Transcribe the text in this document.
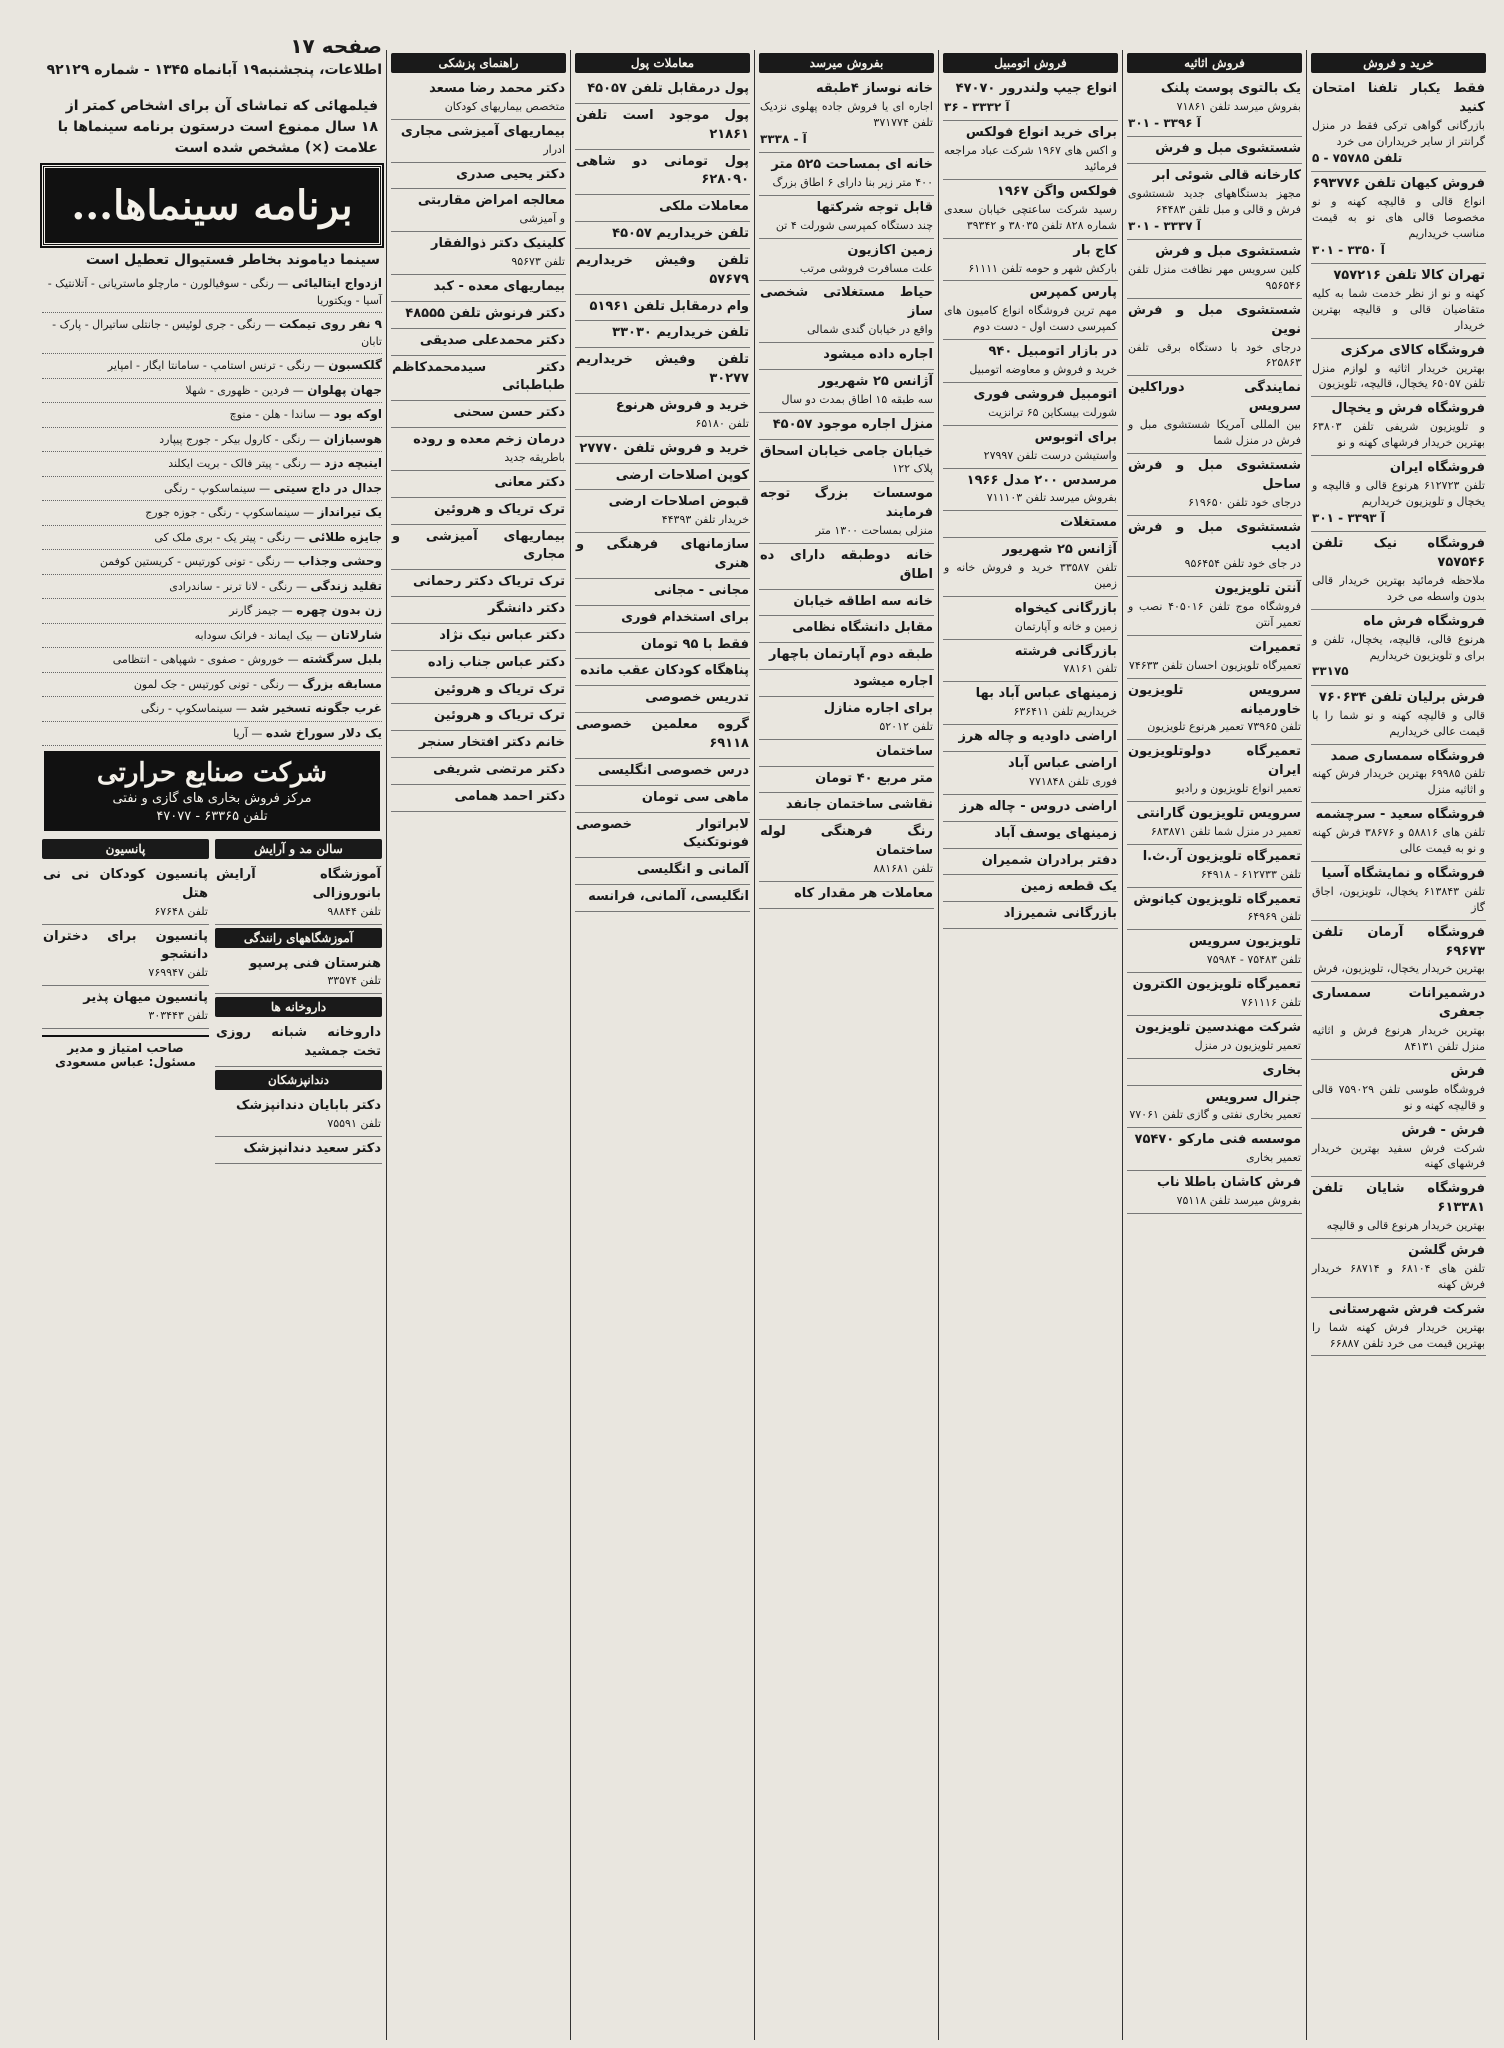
خرید و فروش
فقط یکبار تلفنا امتحان کنید
بازرگانی گواهی ترکی فقط در منزل گرانتر از سایر خریداران می خرد
تلفن ۷۵۷۸۵ - ۵
فروش کیهان تلفن ۶۹۳۷۷۶
انواع قالی و قالیچه کهنه و نو مخصوصا قالی های نو به قیمت مناسب خریداریم
۳۰۱ - آ ۳۳۵۰
تهران کالا تلفن ۷۵۷۲۱۶
کهنه و نو از نظر خدمت شما به کلیه متقاضیان قالی و قالیچه بهترین خریدار
فروشگاه کالای مرکزی
بهترین خریدار اثاثیه و لوازم منزل تلفن ۶۵۰۵۷ یخچال، قالیچه، تلویزیون
فروشگاه فرش و یخچال
و تلویزیون شریفی تلفن ۶۳۸۰۳ بهترین خریدار فرشهای کهنه و نو
فروشگاه ایران
تلفن ۶۱۲۷۲۳ هرنوع قالی و قالیچه و یخچال و تلویزیون خریداریم
۳۰۱ - آ ۳۳۹۳
فروشگاه نیک تلفن ۷۵۷۵۴۶
ملاحظه فرمائید بهترین خریدار قالی بدون واسطه می خرد
فروشگاه فرش ماه
هرنوع قالی، قالیچه، یخچال، تلفن و برای و تلویزیون خریداریم
۳۳۱۷۵
فرش برلیان تلفن ۷۶۰۶۳۴
قالی و قالیچه کهنه و نو شما را با قیمت عالی خریداریم
فروشگاه سمساری صمد
تلفن ۶۹۹۸۵ بهترین خریدار فرش کهنه و اثاثیه منزل
فروشگاه سعید - سرچشمه
تلفن های ۵۸۸۱۶ و ۳۸۶۷۶ فرش کهنه و نو به قیمت عالی
فروشگاه و نمایشگاه آسیا
تلفن ۶۱۳۸۴۳ یخچال، تلویزیون، اجاق گاز
فروشگاه آرمان تلفن ۶۹۶۷۳
بهترین خریدار یخچال، تلویزیون، فرش
درشمیرانات سمساری جعفری
بهترین خریدار هرنوع فرش و اثاثیه منزل تلفن ۸۴۱۳۱
فرش
فروشگاه طوسی تلفن ۷۵۹۰۲۹ قالی و قالیچه کهنه و نو
فرش - فرش
شرکت فرش سفید بهترین خریدار فرشهای کهنه
فروشگاه شایان تلفن ۶۱۳۳۸۱
بهترین خریدار هرنوع قالی و قالیچه
فرش گلشن
تلفن های ۶۸۱۰۴ و ۶۸۷۱۴ خریدار فرش کهنه
شرکت فرش شهرستانی
بهترین خریدار فرش کهنه شما را بهترین قیمت می خرد تلفن ۶۶۸۸۷
فروش اثاثیه
یک بالتوی پوست پلنک
بفروش میرسد تلفن ۷۱۸۶۱
۳۰۱ - آ ۳۳۹۶
شستشوی مبل و فرش
کارخانه قالی شوئی ابر
مجهز بدستگاههای جدید شستشوی فرش و قالی و مبل تلفن ۶۴۴۸۳
۳۰۱ - آ ۳۳۳۷
شستشوی مبل و فرش
کلین سرویس مهر نظافت منزل تلفن ۹۵۶۵۴۶
شستشوی مبل و فرش نوین
درجای خود با دستگاه برقی تلفن ۶۲۵۸۶۳
نمایندگی دوراکلین سرویس
بین المللی آمریکا شستشوی مبل و فرش در منزل شما
شستشوی مبل و فرش ساحل
درجای خود تلفن ۶۱۹۶۵۰
شستشوی مبل و فرش ادیب
در جای خود تلفن ۹۵۶۴۵۴
آنتن تلویزیون
فروشگاه موج تلفن ۴۰۵۰۱۶ نصب و تعمیر آنتن
تعمیرات
تعمیرگاه تلویزیون احسان تلفن ۷۴۶۳۳
سرویس تلویزیون خاورمیانه
تلفن ۷۳۹۶۵ تعمیر هرنوع تلویزیون
تعمیرگاه دولوتلویزیون ایران
تعمیر انواع تلویزیون و رادیو
سرویس تلویزیون گارانتی
تعمیر در منزل شما تلفن ۶۸۳۸۷۱
تعمیرگاه تلویزیون آر.ث.ا
تلفن ۶۱۲۷۳۳ - ۶۴۹۱۸
تعمیرگاه تلویزیون کیانوش
تلفن ۶۴۹۶۹
تلویزیون سرویس
تلفن ۷۵۴۸۳ - ۷۵۹۸۴
تعمیرگاه تلویزیون الکترون
تلفن ۷۶۱۱۱۶
شرکت مهندسین تلویزیون
تعمیر تلویزیون در منزل
بخاری
جنرال سرویس
تعمیر بخاری نفتی و گازی تلفن ۷۷۰۶۱
موسسه فنی مارکو ۷۵۴۷۰
تعمیر بخاری
فرش کاشان باطلا ناب
بفروش میرسد تلفن ۷۵۱۱۸
فروش اتومبیل
انواع جیپ ولندرور ۴۷۰۷۰
۳۶ - آ ۳۳۳۲
برای خرید انواع فولکس
و اکس های ۱۹۶۷ شرکت عباد مراجعه فرمائید
فولکس واگن ۱۹۶۷
رسید شرکت ساعتچی خیابان سعدی شماره ۸۲۸ تلفن ۳۸۰۳۵ و ۳۹۳۴۲
کاج بار
بارکش شهر و حومه تلفن ۶۱۱۱۱
پارس کمپرس
مهم ترین فروشگاه انواع کامیون های کمپرسی دست اول - دست دوم
در بازار اتومبیل ۹۴۰
خرید و فروش و معاوضه اتومبیل
اتومبیل فروشی فوری
شورلت بیسکاین ۶۵ ترانزیت
برای اتوبوس
واستیشن درست تلفن ۲۷۹۹۷
مرسدس ۲۰۰ مدل ۱۹۶۶
بفروش میرسد تلفن ۷۱۱۱۰۳
مستغلات
آژانس ۲۵ شهریور
تلفن ۳۳۵۸۷ خرید و فروش خانه و زمین
بازرگانی کیخواه
زمین و خانه و آپارتمان
بازرگانی فرشته
تلفن ۷۸۱۶۱
زمینهای عباس آباد بها
خریداریم تلفن ۶۳۶۴۱۱
اراضی داودیه و چاله هرز
اراضی عباس آباد
فوری تلفن ۷۷۱۸۴۸
اراضی دروس - چاله هرز
زمینهای یوسف آباد
دفتر برادران شمیران
یک قطعه زمین
بازرگانی شمیرزاد
بفروش میرسد
خانه نوساز ۴طبقه
اجاره ای یا فروش جاده پهلوی نزدیک تلفن ۳۷۱۷۷۴
۳۳۳۸ - آ
خانه ای بمساحت ۵۲۵ متر
۴۰۰ متر زیر بنا دارای ۶ اطاق بزرگ
قابل توجه شرکتها
چند دستگاه کمپرسی شورلت ۴ تن
زمین اکازیون
علت مسافرت فروشی مرتب
حیاط مستغلاتی شخصی ساز
واقع در خیابان گندی شمالی
اجاره داده میشود
آژانس ۲۵ شهریور
سه طبقه ۱۵ اطاق بمدت دو سال
منزل اجاره موجود ۴۵۰۵۷
خیابان جامی خیابان اسحاق
پلاک ۱۲۲
موسسات بزرگ توجه فرمایند
منزلی بمساحت ۱۳۰۰ متر
خانه دوطبقه دارای ده اطاق
خانه سه اطاقه خیابان
مقابل دانشگاه نظامی
طبقه دوم آپارتمان باچهار
اجاره میشود
برای اجاره منازل
تلفن ۵۲۰۱۲
ساختمان
متر مربع ۴۰ تومان
نقاشی ساختمان جانفد
رنگ فرهنگی لوله ساختمان
تلفن ۸۸۱۶۸۱
معاملات هر مقدار کاه
معاملات پول
پول درمقابل تلفن ۴۵۰۵۷
پول موجود است تلفن ۲۱۸۶۱
پول تومانی دو شاهی ۶۲۸۰۹۰
معاملات ملکی
تلفن خریداریم ۴۵۰۵۷
تلفن وفیش خریداریم ۵۷۶۷۹
وام درمقابل تلفن ۵۱۹۶۱
تلفن خریداریم ۳۳۰۳۰
تلفن وفیش خریداریم ۳۰۲۷۷
خرید و فروش هرنوع
تلفن ۶۵۱۸۰
خرید و فروش تلفن ۲۷۷۷۰
کوپن اصلاحات ارضی
قبوض اصلاحات ارضی
خریدار تلفن ۴۴۳۹۳
سازمانهای فرهنگی و هنری
مجانی - مجانی
برای استخدام فوری
فقط با ۹۵ تومان
پناهگاه کودکان عقب مانده
تدریس خصوصی
گروه معلمین خصوصی ۶۹۱۱۸
درس خصوصی انگلیسی
ماهی سی تومان
لابراتوار خصوصی فونوتکنیک
آلمانی و انگلیسی
انگلیسی، آلمانی، فرانسه
راهنمای پزشکی
دکتر محمد رضا مسعد
متخصص بیماریهای کودکان
بیماریهای آمیزشی مجاری
ادرار
دکتر یحیی صدری
معالجه امراض مقاربتی
و آمیزشی
کلینیک دکتر ذوالفقار
تلفن ۹۵۶۷۳
بیماریهای معده - کبد
دکتر فرنوش تلفن ۴۸۵۵۵
دکتر محمدعلی صدیقی
دکتر سیدمحمدکاظم طباطبائی
دکتر حسن سحنی
درمان زخم معده و روده
باطریقه جدید
دکتر معانی
ترک تریاک و هروئین
بیماریهای آمیزشی و مجاری
ترک تریاک دکتر رحمانی
دکتر دانشگر
دکتر عباس نیک نژاد
دکتر عباس جناب زاده
ترک تریاک و هروئین
ترک تریاک و هروئین
خانم دکتر افتخار سنجر
دکتر مرتضی شریفی
دکتر احمد همامی
فیلمهائی که تماشای آن برای اشخاص کمتر از ۱۸ سال ممنوع است درستون برنامه سینماها با علامت (×) مشخص شده است
برنامه سینماها...
سینما دیاموند بخاطر فستیوال تعطیل است
ازدواج ایتالیائی — رنگی - سوفیالورن - مارچلو ماستریانی - آتلانتیک - آسیا - ویکتوریا
۹ نفر روی تیمکت — رنگی - جری لوئیس - جانتلی ساتیرال - پارک - تابان
گلکسبون — رنگی - ترنس استامپ - سامانتا ایگار - امپایر
جهان پهلوان — فردین - ظهوری - شهلا
اوکه بود — ساندا - هلن - منوچ
هوسبازان — رنگی - کارول بیکر - جورج پیپارد
اینبچه دزد — رنگی - پیتر فالک - بریت ایکلند
جدال در داج سیتی — سینماسکوپ - رنگی
یک تیرانداز — سینماسکوپ - رنگی - جوزه جورج
جایزه طلائی — رنگی - پیتر یک - بری ملک کی
وحشی وجذاب — رنگی - تونی کورتیس - کریستین کوفمن
تقلید زندگی — رنگی - لانا ترنر - ساندرادی
زن بدون چهره — جیمز گارنر
شارلاتان — بیک ایماند - فرانک سودابه
بلبل سرگشته — خوروش - صفوی - شهپاهی - انتظامی
مسابقه بزرگ — رنگی - تونی کورتیس - جک لمون
غرب جگونه تسخیر شد — سینماسکوپ - رنگی
یک دلار سوراخ شده — آریا
شرکت صنایع حرارتی
مرکز فروش بخاری های گازی و نفتی
تلفن ۶۳۳۶۵ - ۴۷۰۷۷
سالن مد و آرایش
آموزشگاه آرایش بانوروزالی
تلفن ۹۸۸۴۴
آموزشگاههای رانندگی
هنرستان فنی پرسپو
تلفن ۳۳۵۷۴
داروخانه ها
داروخانه شبانه روزی تخت جمشید
دندانپزشکان
دکتر بابایان دندانپزشک
تلفن ۷۵۵۹۱
دکتر سعید دندانپزشک
پانسیون
پانسیون کودکان نی نی هتل
تلفن ۶۷۶۴۸
پانسیون برای دختران دانشجو
تلفن ۷۶۹۹۴۷
پانسیون میهان پذیر
تلفن ۳۰۳۴۴۳
صاحب امتیاز و مدیر مسئول: عباس مسعودی
صفحه ۱۷
اطلاعات، پنجشنبه۱۹ آبانماه ۱۳۴۵ - شماره ۹۲۱۲۹
